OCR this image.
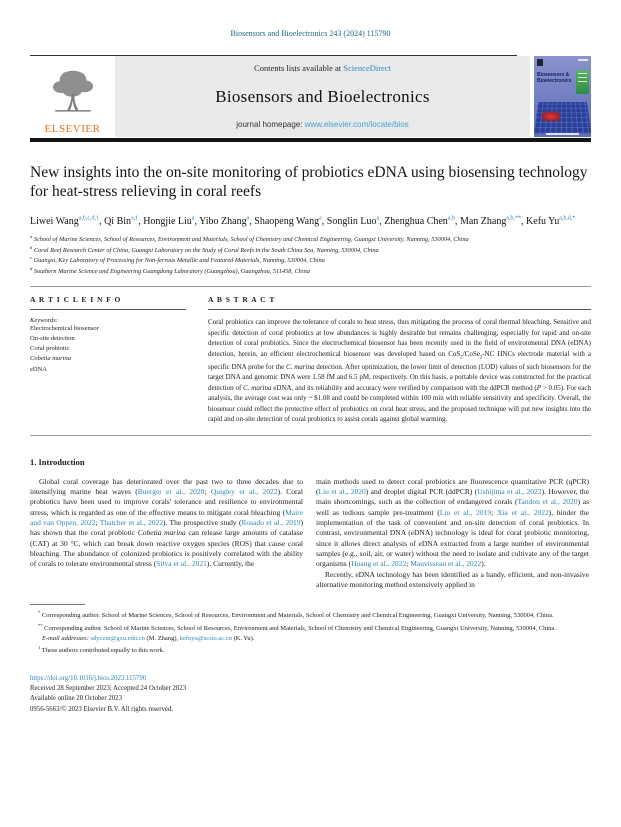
Biosensors and Bioelectronics 243 (2024) 115790
ELSEVIER
Contents lists available at ScienceDirect
Biosensors and Bioelectronics
journal homepage: www.elsevier.com/locate/bios
Biosensors & Bioelectronics
New insights into the on-site monitoring of probiotics eDNA using biosensing technology for heat-stress relieving in coral reefs
Liwei Wang$^{a,b,c,d,1}$, Qi Bin$^{a,1}$, Hongjie Liu$^a$, Yibo Zhang$^a$, Shaopeng Wang$^a$, Songlin Luo$^a$, Zhenghua Chen$^{a,b}$, Man Zhang$^{a,b,**}$, Kefu $Yu^{a,b,d,*}$
$^a$ School of Marine Sciences, School of Resources, Environment and Materials, School of Chemistry and Chemical Engineering, Guangxi University, Nanning, 530004, China
$^b$ Coral Reef Research Center of China, Guangxi Laboratory on the Study of Coral Reefs in the South China Sea, Nanning, 530004, China
$^c$ Guangxi, Key Laboratory of Processing for Non-ferrous Metallic and Featured Materials, Nanning, 530004, China
$^d$ Southern Marine Science and Engineering Guangdong Laboratory (Guangzhou), Guangzhou, 511458, China
A R T I C L E I N F O
Keywords:
Electrochemical biosensor
On-site detection
Coral probiotic
Cobetia marina
eDNA
A B S T R A C T
Coral probiotics can improve the tolerance of corals to heat stress, thus mitigating the process of coral thermal bleaching. Sensitive and specific detection of coral probiotics at low abundances is highly desirable but remains challenging, especially for rapid and on-site detection of coral probiotics. Since the electrochemical biosensor has been recently used in the field of environmental DNA (eDNA) detection, herein, an efficient electrochemical biosensor was developed based on CoS$_2$/CoSe$_2$-NC HNCs electrode material with a specific DNA probe for the C. marina detection. After optimization, the lower limit of detection (LOD) values of such biosensors for the target DNA and genomic DNA were 1.58 fM and 6.5 pM, respectively. On this basis, a portable device was constructed for the practical detection of C. marina eDNA, and its reliability and accuracy were verified by comparison with the ddPCR method (P > 0.05). For each analysis, the average cost was only ~ $1.08 and could be completed within 100 min with reliable sensitivity and specificity. Overall, the biosensor could reflect the protective effect of probiotics on coral heat stress, and the proposed technique will put new insights into the rapid and on-site detection of coral probiotics to assist corals against global warming.
1. Introduction
Global coral coverage has deteriorated over the past two to three decades due to intensifying marine heat waves (Buerger et al., 2020; Quigley et al., 2022). Coral probiotics have been used to improve corals' tolerance and resilience to environmental stress, which is regarded as one of the effective means to mitigate coral bleaching (Maire and van Oppen, 2022; Thatcher et al., 2022). The prospective study (Rosado et al., 2019) has shown that the coral probiotic Cobetia marina can release large amounts of catalase (CAT) at 30 °C, which can break down reactive oxygen species (ROS) that cause coral bleaching. The abundance of colonized probiotics is positively correlated with the ability of corals to tolerate environmental stress (Silva et al., 2021). Currently, the
main methods used to detect coral probiotics are fluorescence quantitative PCR (qPCR) (Liu et al., 2020) and droplet digital PCR (ddPCR) (Ushijima et al., 2023). However, the main shortcomings, such as the collection of endangered corals (Tandon et al., 2020) as well as tedious sample pre-treatment (Liu et al., 2019; Xia et al., 2022), hinder the implementation of the task of convenient and on-site detection of coral probiotics. In contrast, environmental DNA (eDNA) technology is ideal for coral probiotic monitoring, since it allows direct analysis of eDNA extracted from a large number of environmental samples (e.g., soil, air, or water) without the need to isolate and cultivate any of the target organisms (Huang et al., 2022; Mauvisseau et al., 2022).
Recently, eDNA technology has been identified as a handy, efficient, and non-invasive alternative monitoring method extensively applied in
* Corresponding author. School of Marine Sciences, School of Resources, Environment and Materials, School of Chemistry and Chemical Engineering, Guangxi University, Nanning, 530004, China.
** Corresponding author. School of Marine Sciences, School of Resources, Environment and Materials, School of Chemistry and Chemical Engineering, Guangxi University, Nanning, 530004, China.
E-mail addresses: sdyczm@gxu.edu.cn (M. Zhang), kefuyu@scsio.ac.cn (K. Yu).
$^1$ These authors contributed equally to this work.
https://doi.org/10.1016/j.bios.2023.115790
Received 28 September 2023; Accepted 24 October 2023
Available online 28 October 2023
0956-5663/© 2023 Elsevier B.V. All rights reserved.
